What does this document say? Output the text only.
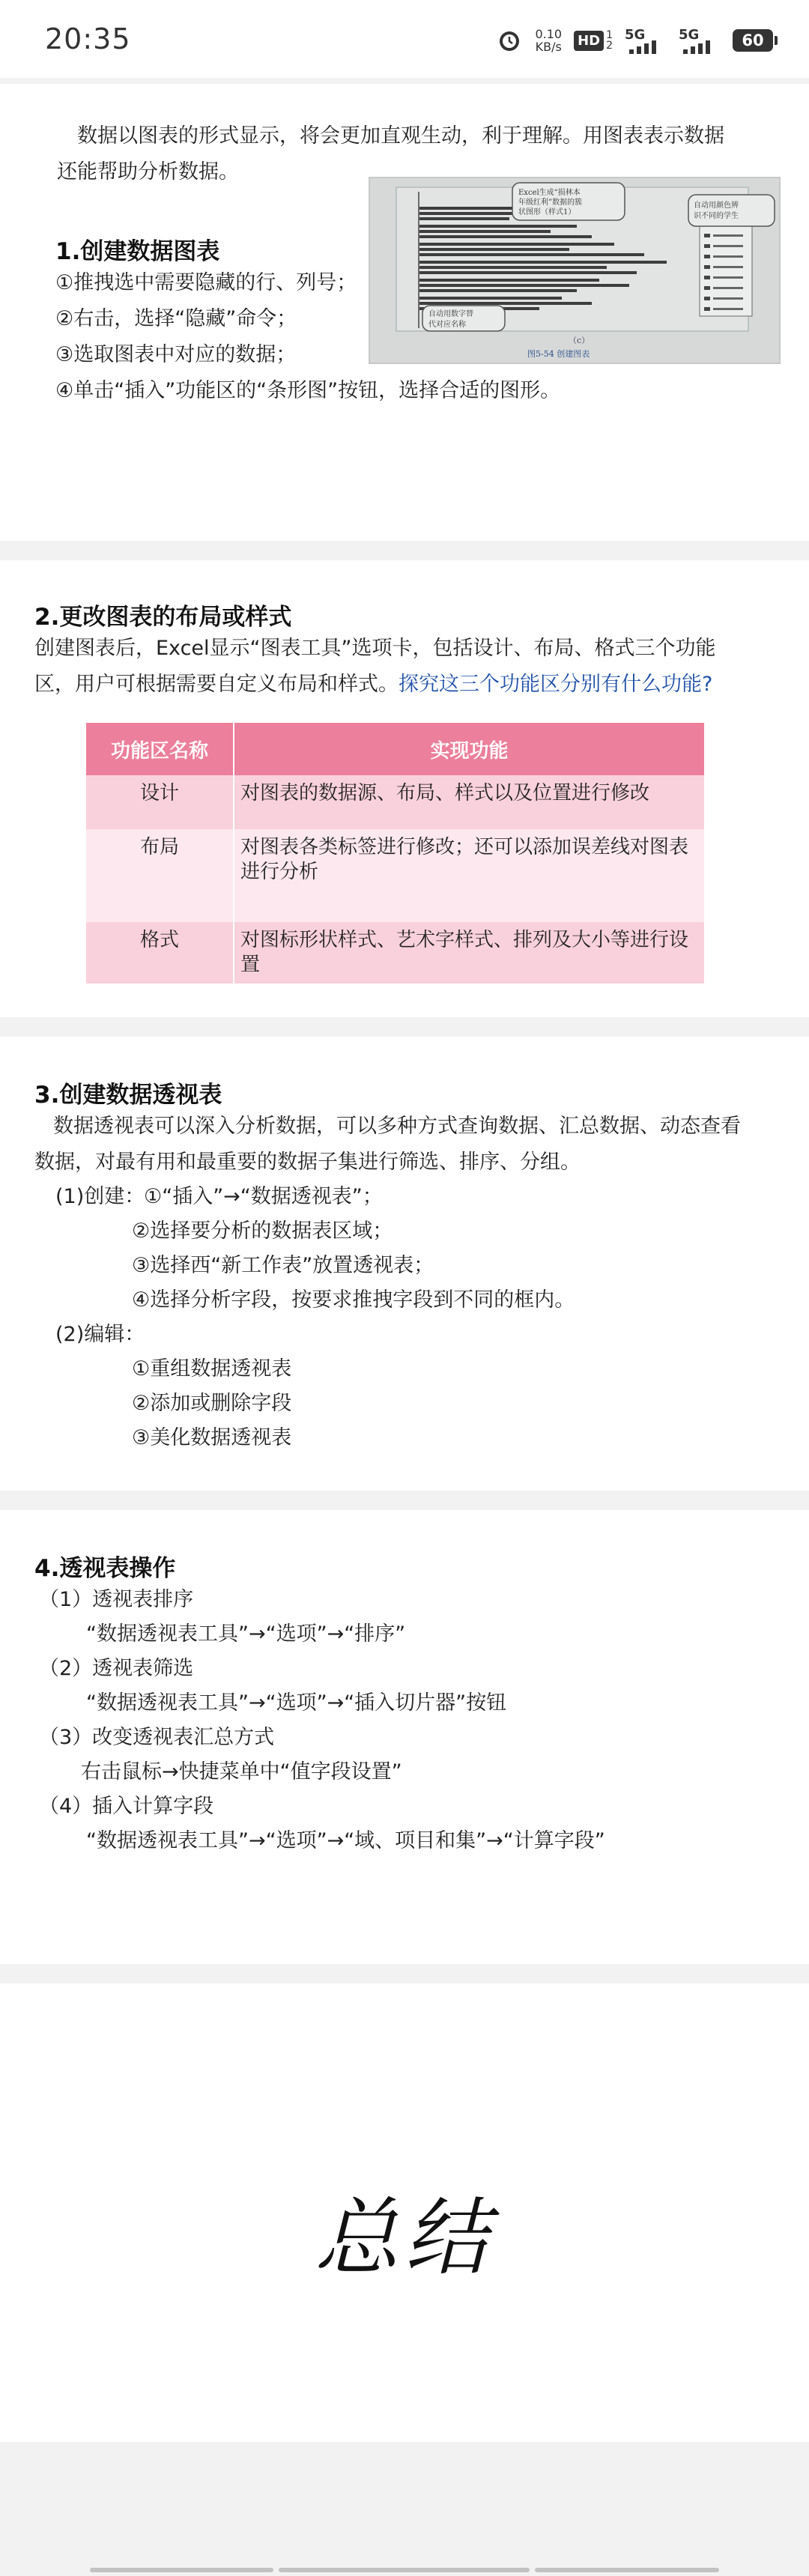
20:35	0.10
KB/s HD 1
2
5G 5G	60
数据以图表的形式显示，将会更加直观生动，利于理解。用图表表示数据
还能帮助分析数据。
Excel生成“损林本
年级红利”数据的簇
状图形（样式1）
自动用颜色辨
识不同的学生
自动用数字替
代对应名称
（c）
图5-54 创建图表
1.创建数据图表
①推拽选中需要隐藏的行、列号；
②右击，选择“隐藏”命令；
③选取图表中对应的数据；
④单击“插入”功能区的“条形图”按钮，选择合适的图形。
2.更改图表的布局或样式
创建图表后，Excel显示“图表工具”选项卡，包括设计、布局、格式三个功能
区，用户可根据需要自定义布局和样式。探究这三个功能区分别有什么功能?
功能区名称	实现功能
设计	对图表的数据源、布局、样式以及位置进行修改
布局	对图表各类标签进行修改；还可以添加误差线对图表进行分析
格式	对图标形状样式、艺术字样式、排列及大小等进行设置
3.创建数据透视表
数据透视表可以深入分析数据，可以多种方式查询数据、汇总数据、动态查看
数据，对最有用和最重要的数据子集进行筛选、排序、分组。
(1)创建：
①“插入”→“数据透视表”；
②选择要分析的数据表区域；
③选择西“新工作表”放置透视表；
④选择分析字段，按要求推拽字段到不同的框内。
(2)编辑：
①重组数据透视表
②添加或删除字段
③美化数据透视表
4.透视表操作
（1）透视表排序
“数据透视表工具”→“选项”→“排序”
（2）透视表筛选
“数据透视表工具”→“选项”→“插入切片器”按钮
（3）改变透视表汇总方式
右击鼠标→快捷菜单中“值字段设置”
（4）插入计算字段
“数据透视表工具”→“选项”→“域、项目和集”→“计算字段”
总结
